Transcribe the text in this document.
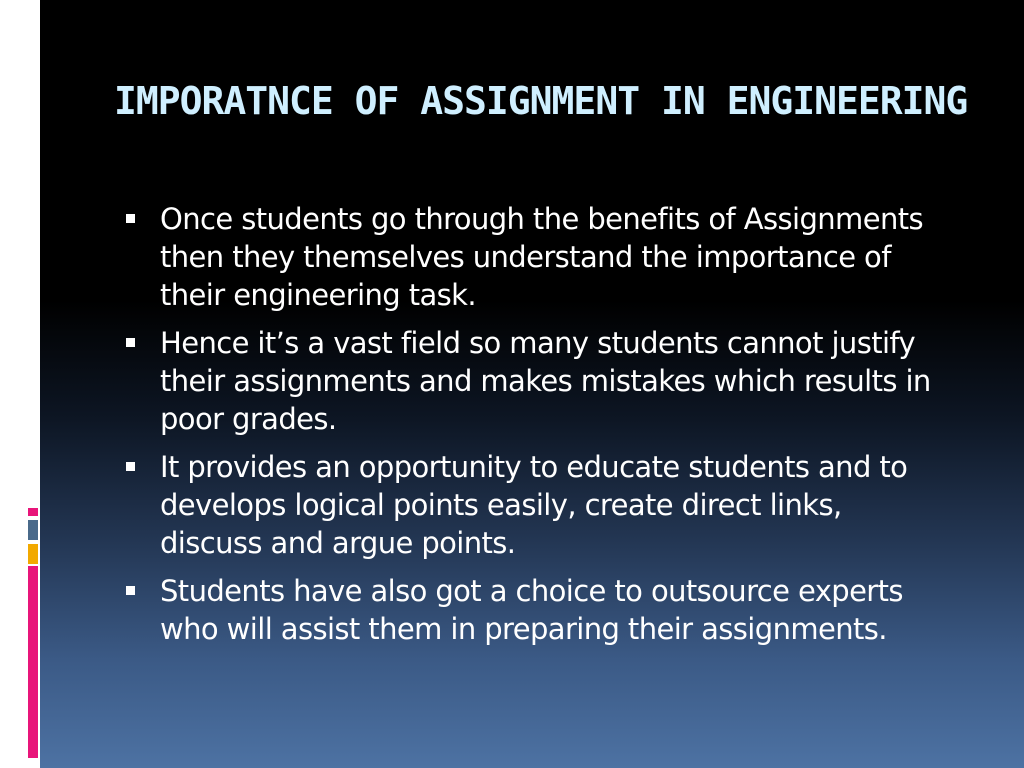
IMPORATNCE OF ASSIGNMENT IN ENGINEERING
Once students go through the benefits of Assignments then they themselves understand the importance of their engineering task.
Hence it’s a vast field so many students cannot justify their assignments and makes mistakes which results in poor grades.
It provides an opportunity to educate students and to develops logical points easily, create direct links, discuss and argue points.
Students have also got a choice to outsource experts who will assist them in preparing their assignments.
